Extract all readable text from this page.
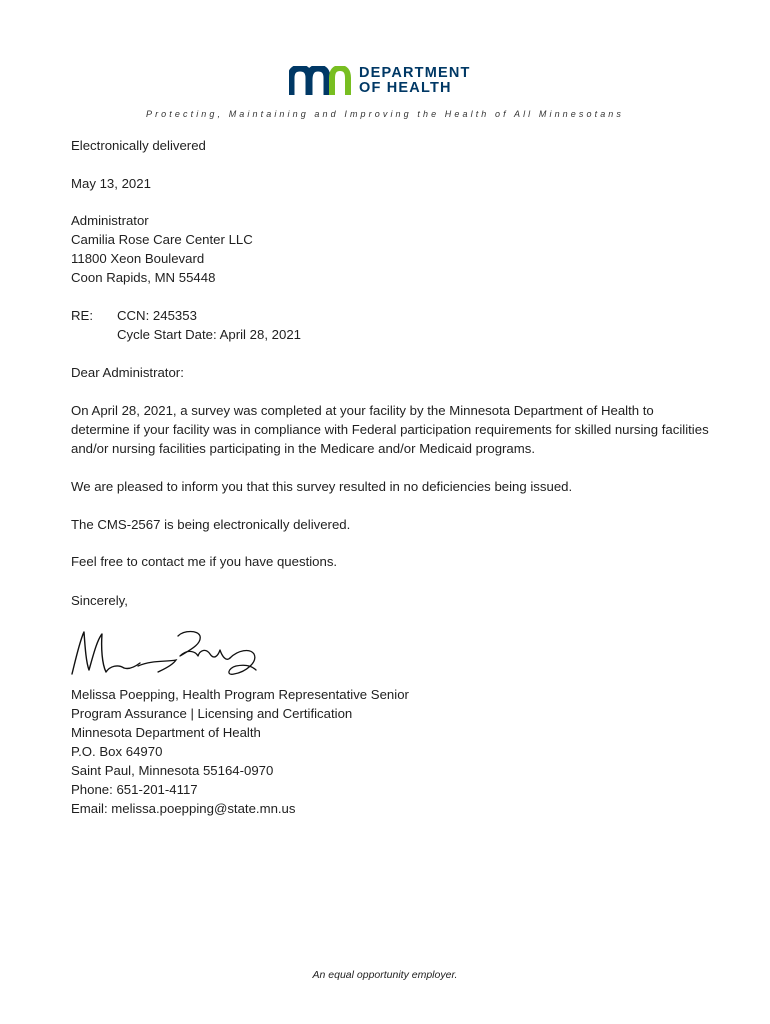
DEPARTMENT
OF HEALTH
Protecting, Maintaining and Improving the Health of All Minnesotans
Electronically delivered
May 13, 2021
Administrator
Camilia Rose Care Center LLC
11800 Xeon Boulevard
Coon Rapids, MN 55448
RE: CCN: 245353
Cycle Start Date: April 28, 2021
Dear Administrator:
On April 28, 2021, a survey was completed at your facility by the Minnesota Department of Health to determine if your facility was in compliance with Federal participation requirements for skilled nursing facilities and/or nursing facilities participating in the Medicare and/or Medicaid programs.
We are pleased to inform you that this survey resulted in no deficiencies being issued.
The CMS-2567 is being electronically delivered.
Feel free to contact me if you have questions.
Sincerely,
Melissa Poepping, Health Program Representative Senior
Program Assurance | Licensing and Certification
Minnesota Department of Health
P.O. Box 64970
Saint Paul, Minnesota 55164-0970
Phone: 651-201-4117
Email: melissa.poepping@state.mn.us
An equal opportunity employer.
